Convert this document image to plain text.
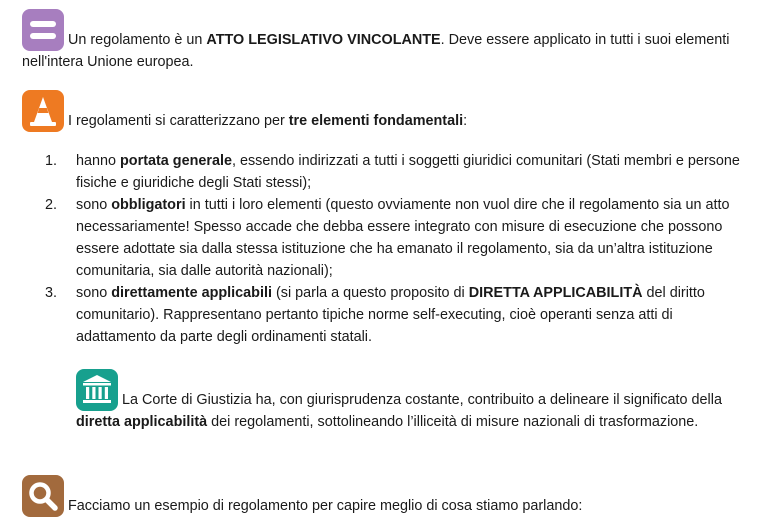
Un regolamento è un ATTO LEGISLATIVO VINCOLANTE. Deve essere applicato in tutti i suoi elementi nell'intera Unione europea.
I regolamenti si caratterizzano per tre elementi fondamentali:
1. hanno portata generale, essendo indirizzati a tutti i soggetti giuridici comunitari (Stati membri e persone fisiche e giuridiche degli Stati stessi);
2. sono obbligatori in tutti i loro elementi (questo ovviamente non vuol dire che il regolamento sia un atto necessariamente! Spesso accade che debba essere integrato con misure di esecuzione che possono essere adottate sia dalla stessa istituzione che ha emanato il regolamento, sia da un’altra istituzione comunitaria, sia dalle autorità nazionali);
3. sono direttamente applicabili (si parla a questo proposito di DIRETTA APPLICABILITÀ del diritto comunitario). Rappresentano pertanto tipiche norme self-executing, cioè operanti senza atti di adattamento da parte degli ordinamenti statali.
La Corte di Giustizia ha, con giurisprudenza costante, contribuito a delineare il significato della diretta applicabilità dei regolamenti, sottolineando l’illiceità di misure nazionali di trasformazione.
Facciamo un esempio di regolamento per capire meglio di cosa stiamo parlando:
